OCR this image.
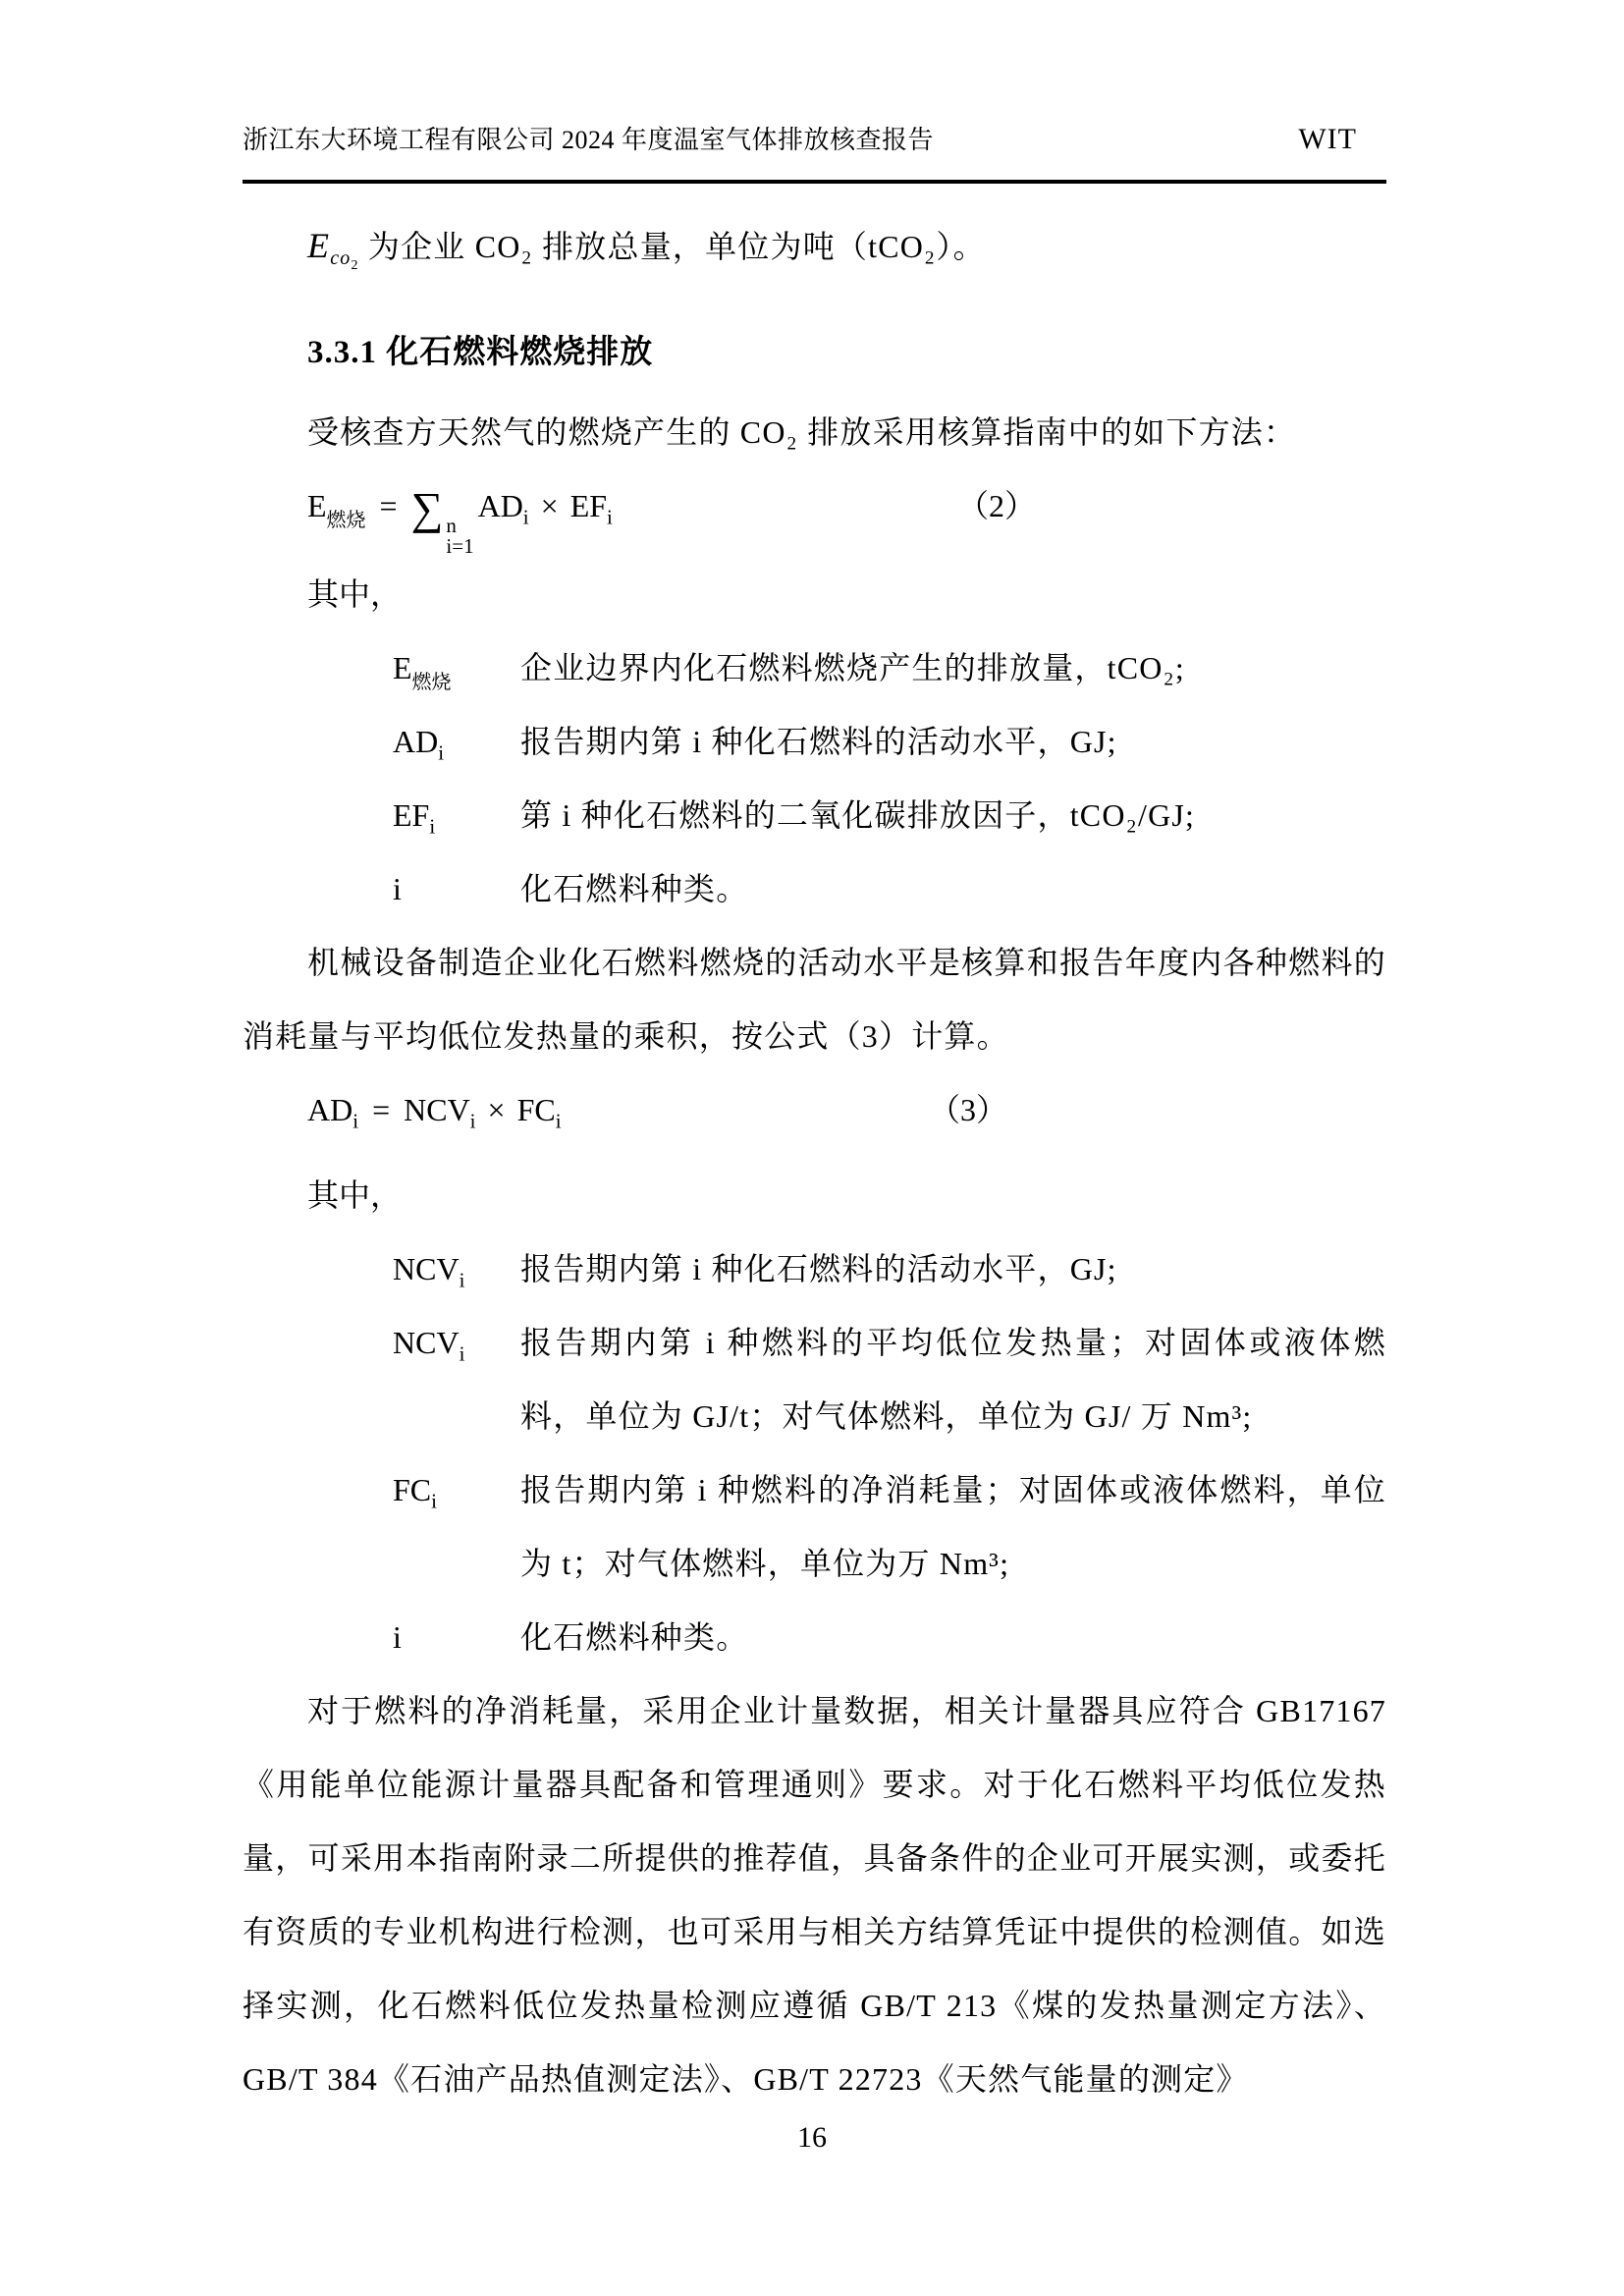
浙江东大环境工程有限公司 2024 年度温室气体排放核查报告	WIT

$E_{co_2}$ 为企业 CO₂ 排放总量，单位为吨（tCO₂）。

3.3.1 化石燃料燃烧排放

受核查方天然气的燃烧产生的 CO₂ 排放采用核算指南中的如下方法：

$E_{燃烧}$ = ∑ n
i=1
$AD_i \times EF_i$	（2）

其中，

$E_{燃烧}$ 企业边界内化石燃料燃烧产生的排放量，tCO₂;
$AD_i$ 报告期内第 i 种化石燃料的活动水平，GJ;
$EF_i$	第 i 种化石燃料的二氧化碳排放因子，tCO₂/GJ;
i	化石燃料种类。

机械设备制造企业化石燃料燃烧的活动水平是核算和报告年度内各种燃料的消耗量与平均低位发热量的乘积，按公式（3）计算。

$AD_i = NCV_i \times FC_i$	（3）

其中，

$NCV_i$ 报告期内第 i 种化石燃料的活动水平，GJ;
$NCV_i$ 报告期内第 i 种燃料的平均低位发热量；对固体或液体燃料，单位为 GJ/t；对气体燃料，单位为 GJ/ 万 Nm³;
$FC_i$	报告期内第 i 种燃料的净消耗量；对固体或液体燃料，单位为 t；对气体燃料，单位为万 Nm³;
i	化石燃料种类。

对于燃料的净消耗量，采用企业计量数据，相关计量器具应符合 GB17167《用能单位能源计量器具配备和管理通则》要求。对于化石燃料平均低位发热量，可采用本指南附录二所提供的推荐值，具备条件的企业可开展实测，或委托有资质的专业机构进行检测，也可采用与相关方结算凭证中提供的检测值。如选择实测，化石燃料低位发热量检测应遵循 GB/T 213《煤的发热量测定方法》、GB/T 384《石油产品热值测定法》、GB/T 22723《天然气能量的测定》

16
